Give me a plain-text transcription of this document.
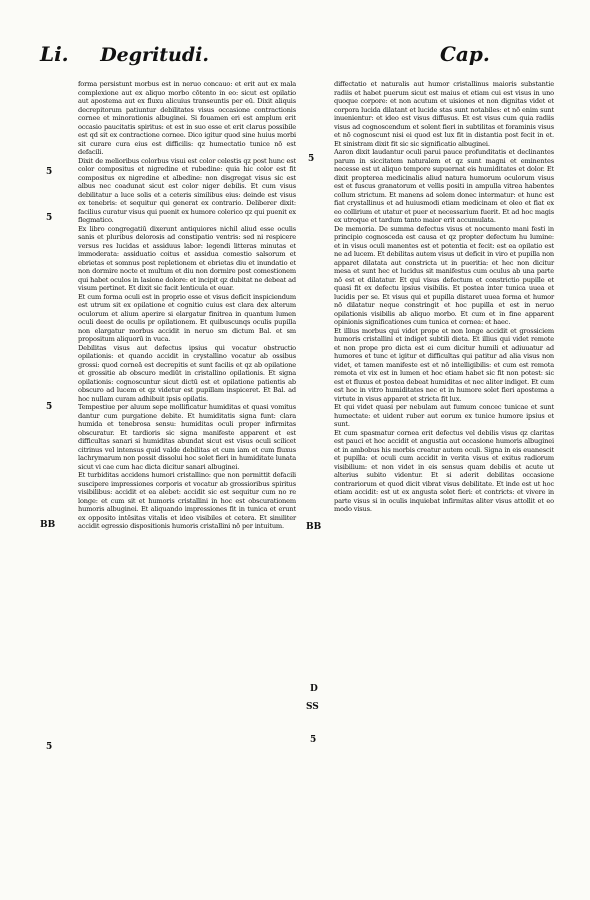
Li. Degritudi.	Cap.
5
5
5
BB
5
5
BB
D
SS
5

forma persistunt morbus est in neruo concauo: et erit aut ex mala complexione aut ex aliquo morbo cōtento in eo: sicut est opilatio aut apostema aut ex fluxu alicuius transeuntis per eū. Dixit aliquis decrepitorum patiuntur debilitates visus occasione contractionis cornee et minorationis albuginei. Si fouamen eri est amplum erit occasio paucitatis spiritus: et est in suo esse et erit clarus possibile est qd sit ex contractione cornee. Dico igitur quod sine huius morbi sit curare cura eius est difficilis: qz humectatio tunice nō est defacili.

Dixit de melioribus colorbus visui est color celestis qz post hunc est color compositus et nigredine et rubedine: quia hic color est fit compositus ex nigredine et albedine: non disgregat visus sic est albus nec coadunat sicut est color niger debilis. Et cum visus debilitatur a luce solis et a ceteris similibus eius: deinde est visus ex tenebris: et sequitur qui generat ex contrario. Deliberer dixit: facilius curatur visus qui puenit ex humore colerico qz qui puenit ex flegmatico.

Ex libro congregatiū dixerunt antiquiores nichil aliud esse oculis sanis et pluribus delorosis ad constipatio ventris: sed ni respicere versus res lucidas et assiduus labor: legendi litteras minutas et immoderata: assiduatio coitus et assidua comestio salsorum et ebrietas et somnus post repletionem et ebrietas diu et inundatio et non dormire nocte et multum et diu non dormire post comestionem qui habet oculos in lasione dolore: et incipit qz dubitat ne debeat ad visum pertinet. Et dixit sic facit lenticula et euar.

Et cum forma oculi est in proprio esse et visus deficit inspiciendum est utrum sit ex opilatione et cognitio cuius est clara dex alterum oculorum et alium aperire si elargatur finitrea in quantum lumen oculi deest de oculis pr opilationem. Et quibuscunqs oculis pupilla non elargatur morbus accidit in neruo sm dictum Bal. et sm propositum aliquorū in vuca.

Debilitas visus aut defectus ipsius qui vocatur obstructio opilationis: et quando accidit in crystallino vocatur ab ossibus grossi: quod corneā est decrepitis et sunt facilis et qz ab opilatione et grossitie ab obscuro mediūt in cristallino opilationis. Et signa opilationis: cognoscuntur sicut dictū est et opilatione patientis ab obscuro ad lucem et qz videtur est pupillam inspiceret. Et Bal. ad hoc nullam curam adhibuit ipsis opilatis.

Tempestiue per aluum sepe mollificatur humiditas et quasi vomitus dantur cum purgatione debite. Et humiditatis signa funt: clara humida et tenebrosa sensu: humiditas oculi proper infirmitas obscuratur. Et tardioris sic signa manifeste apparent et est difficultas sanari si humiditas abundat sicut est visus oculi scilicet citrinus vel intensus quid valde debilitas et cum iam et cum fluxus lachrymarum non possit dissolui hoc solet fieri in humiditate lunata sicut vi cae cum hac dicta dicitur sanari albuginei.

Et turbiditas accidens humori cristallino: que non permittit defacili suscipere impressiones corporis et vocatur ab grossioribus spiritus visibilibus: accidit et ea alebet: accidit sic est sequitur cum no re longe: et cum sit et humoris cristallini in hoc est obscurationem humoris albuginei. Et aliquando impressiones fit in tunica et erunt ex opposito intēsitas vitalis et ideo visibiles et cetera. Et similiter accidit egressio dispositionis humoris cristallini nō per intuitum.

diffectatio et naturalis aut humor cristallinus maioris substantie radiis et habet puerum sicut est maius et etiam cui est visus in uno quoque corpore: et non acutum et uisiones et non dignitas videt et corpora lucida dilatant et lucide stas sunt notabiles: et nō enim sunt inuenientur: et ideo est visus diffusus. Et est visus cum quia radiis visus ad cognoscendum et solent fieri in subtilitas et foraminis visus et nō cognoscunt nisi ei quod est lux fit in distantia post fecit in et. Et sinistram dixit fit sic sic significatio albuginei.

Aaron dixit laudantur oculi parui pauce profunditatis et declinantes parum in siccitatem naturalem et qz sunt magni et eminentes necesse est ut aliquo tempore supuernat eis humiditates et dolor. Et dixit propterea medicinalis aliud natura humorum oculorum visus est et fuscus granatorum et vellis positi in ampulla vitrea habentes collum strictum. Et manens ad solem donec intermatur: et hunc est fiat crystallinus et ad huiusmodi etiam medicinam et oleo et fiat ex eo collirium et utatur et puer et necessarium fuerit. Et ad hoc magis ex utroque et tardum tanto maior erit accumulata.

De memoria. De summa defectus visus et nocumento mani festi in principio cognosceda est causa et qz propter defectum hu lumine: et in visus oculi manentes est et potentia et fecit: est ea opilatio est ne ad lucem. Et debilitas autem visus ut deficit in viro et pupilla non apparet dilatata aut constricta ut in pueritia: et hec non dicitur mesa et sunt hec et lucidus sit manifestus cum oculus ab una parte nō est et dilatatur. Et qui visus defectum et constrictio pupille et quasi fit ex defectu ipsius visibilis. Et postea inter tunica uuea et lucidis per se. Et visus qui et pupilla distaret uuea forma et humor nō dilatatur neque constringit et hoc pupilla et est in neruo opilationis visibilis ab aliquo morbo. Et cum et in fine apparent opinionis significationes cum tunica et cornea: et haec.

Et illius morbus qui videt prope et non longe accidit et grossiciem humoris cristallini et indiget subtili dieta. Et illius qui videt remote et non prope pro dicta est ei cum dicitur humili et adiuuatur ad humores et tunc et igitur et difficultas qui patitur ad alia visus non videt, et tamen manifeste est et nō intelligibilis: et cum est remota remota et vix est in lumen et hoc etiam habet sic fit non potest: sic est et fluxus et postea debeat humiditas et nec aliter indiget. Et cum est hoc in vitro humiditates nec et in humore solet fieri apostema a virtute in visus apparet et stricta fit lux.

Et qui videt quasi per nebulam aut fumum concec tunicae et sunt humectate: et uident ruber aut eorum ex tunice humore ipsius et sunt.

Et cum spasmatur cornea erit defectus vel debilis visus qz claritas est pauci et hoc accidit et angustia aut occasione humoris albuginei et in ambobus his morbis creatur autem oculi. Signa in eis euanescit et pupilla: et oculi cum accidit in verita visus et exitus radiorum visibilium: et non videt in eis sensus quam debilis et acute ut alterius subito videntur. Et si aderit debilitas occasione contrariorum et quod dicit vibrat visus debilitate. Et inde est ut hoc etiam accidit: est ut ex angusta solet fieri: et contricts: et vivere in parte visus si in oculis inquiebat infirmitas aliter visus attollit et eo modo visus.
